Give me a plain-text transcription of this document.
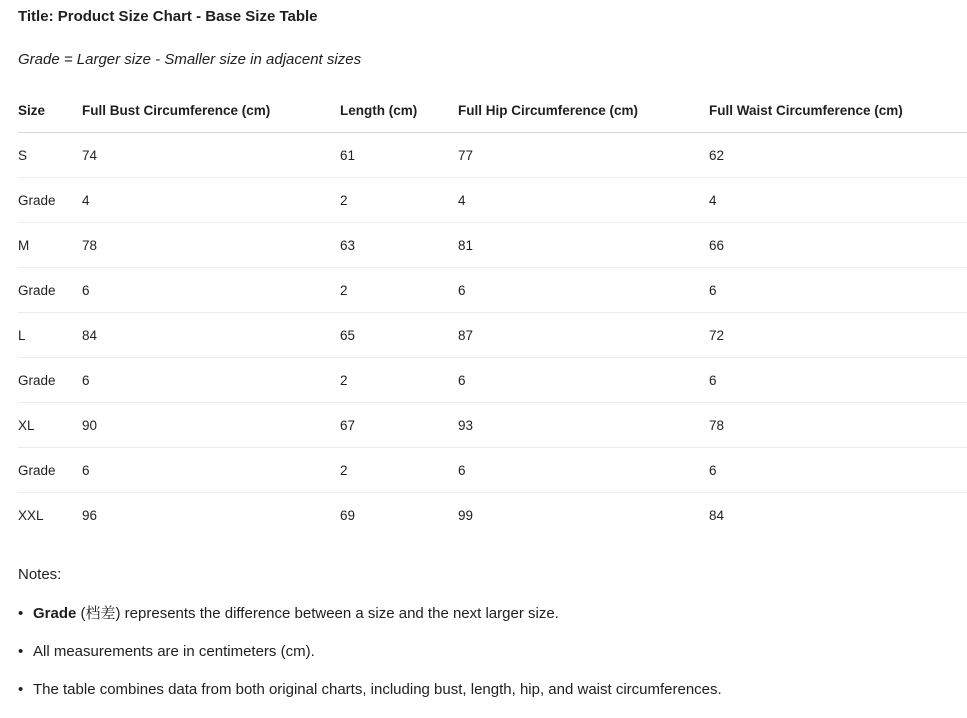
Title: Product Size Chart - Base Size Table
Grade = Larger size - Smaller size in adjacent sizes
Size	Full Bust Circumference (cm)	Length (cm)	Full Hip Circumference (cm)	Full Waist Circumference (cm)
S	74	61	77	62
Grade	4	2	4	4
M	78	63	81	66
Grade	6	2	6	6
L	84	65	87	72
Grade	6	2	6	6
XL	90	67	93	78
Grade	6	2	6	6
XXL	96	69	99	84
Notes:
• Grade (档差) represents the difference between a size and the next larger size.
• All measurements are in centimeters (cm).
• The table combines data from both original charts, including bust, length, hip, and waist circumferences.
